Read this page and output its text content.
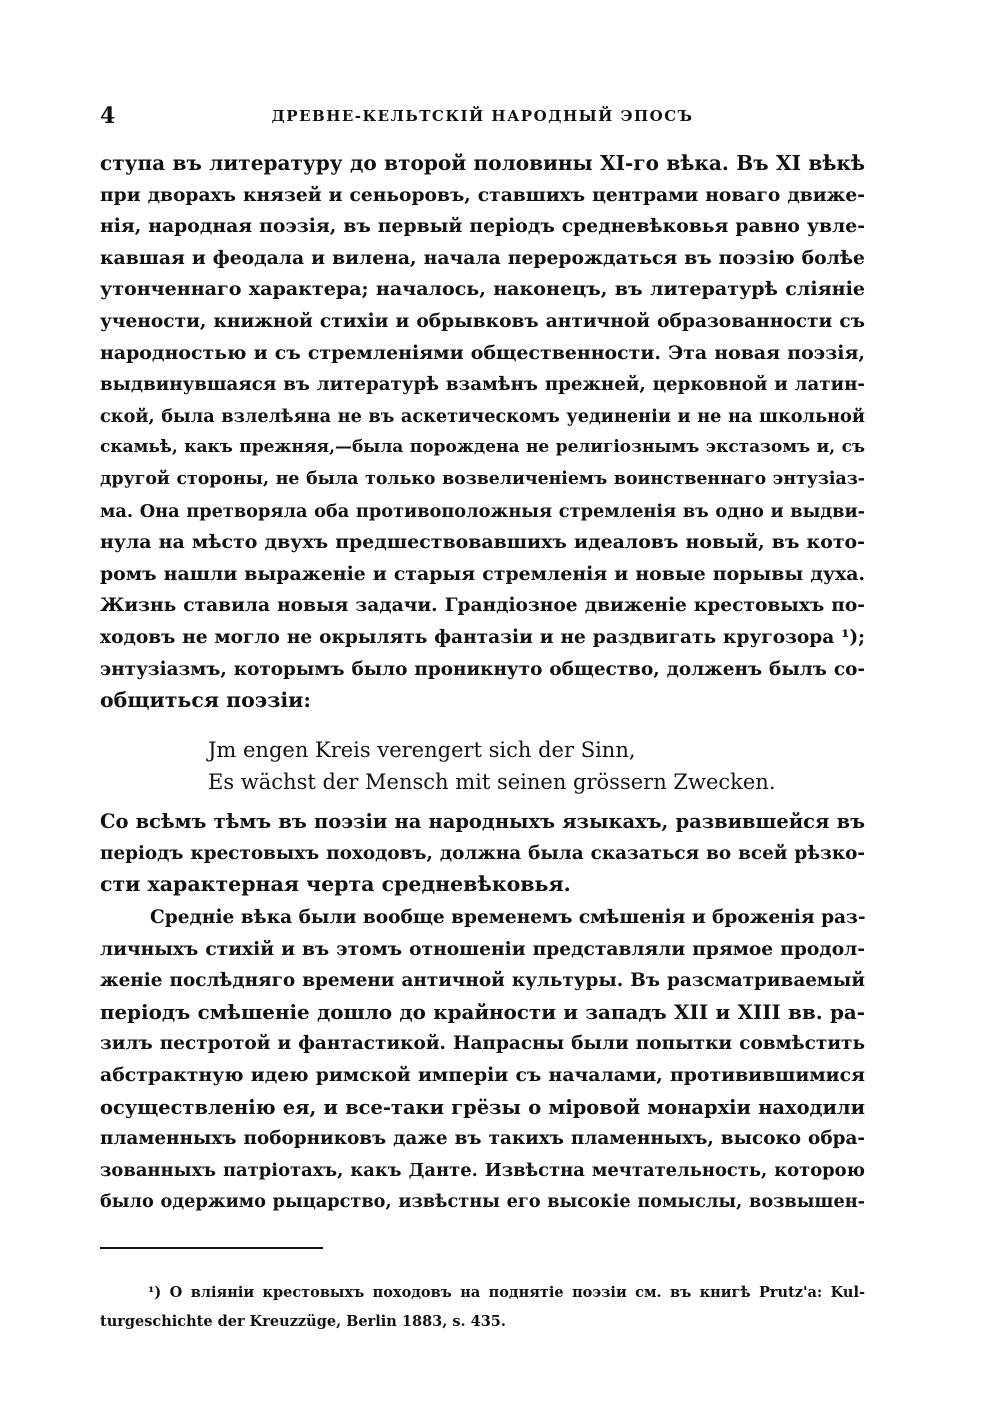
4	ДРЕВНЕ-КЕЛЬТСКІЙ НАРОДНЫЙ ЭПОСЪ
ступа въ литературу до второй половины XI-го вѣка. Въ XI вѣкѣ
при дворахъ князей и сеньоровъ, ставшихъ центрами новаго движе-
нія, народная поэзія, въ первый періодъ средневѣковья равно увле-
кавшая и феодала и вилена, начала перерождаться въ поэзію болѣе
утонченнаго характера; началось, наконецъ, въ литературѣ сліяніе
учености, книжной стихіи и обрывковъ античной образованности съ
народностью и съ стремленіями общественности. Эта новая поэзія,
выдвинувшаяся въ литературѣ взамѣнъ прежней, церковной и латин-
ской, была взлелѣяна не въ аскетическомъ уединеніи и не на школьной
скамьѣ, какъ прежняя,—была порождена не религіознымъ экстазомъ и, съ
другой стороны, не была только возвеличеніемъ воинственнаго энтузіаз-
ма. Она претворяла оба противоположныя стремленія въ одно и выдви-
нула на мѣсто двухъ предшествовавшихъ идеаловъ новый, въ кото-
ромъ нашли выраженіе и старыя стремленія и новые порывы духа.
Жизнь ставила новыя задачи. Грандіозное движеніе крестовыхъ по-
ходовъ не могло не окрылять фантазіи и не раздвигать кругозора ¹);
энтузіазмъ, которымъ было проникнуто общество, долженъ былъ со-
общиться поэзіи:
Jm engen Kreis verengert sich der Sinn,
Es wächst der Mensch mit seinen grössern Zwecken.
Со всѣмъ тѣмъ въ поэзіи на народныхъ языкахъ, развившейся въ
періодъ крестовыхъ походовъ, должна была сказаться во всей рѣзко-
сти характерная черта средневѣковья.
Средніе вѣка были вообще временемъ смѣшенія и броженія раз-
личныхъ стихій и въ этомъ отношеніи представляли прямое продол-
женіе послѣдняго времени античной культуры. Въ разсматриваемый
періодъ смѣшеніе дошло до крайности и западъ XII и XIII вв. ра-
зилъ пестротой и фантастикой. Напрасны были попытки совмѣстить
абстрактную идею римской имперіи съ началами, противившимися
осуществленію ея, и все-таки грёзы о міровой монархіи находили
пламенныхъ поборниковъ даже въ такихъ пламенныхъ, высоко обра-
зованныхъ патріотахъ, какъ Данте. Извѣстна мечтательность, которою
было одержимо рыцарство, извѣстны его высокіе помыслы, возвышен-
¹) О вліяніи крестовыхъ походовъ на поднятіе поэзіи см. въ книгѣ Prutz'a: Kul-
turgeschichte der Kreuzzüge, Berlin 1883, s. 435.
